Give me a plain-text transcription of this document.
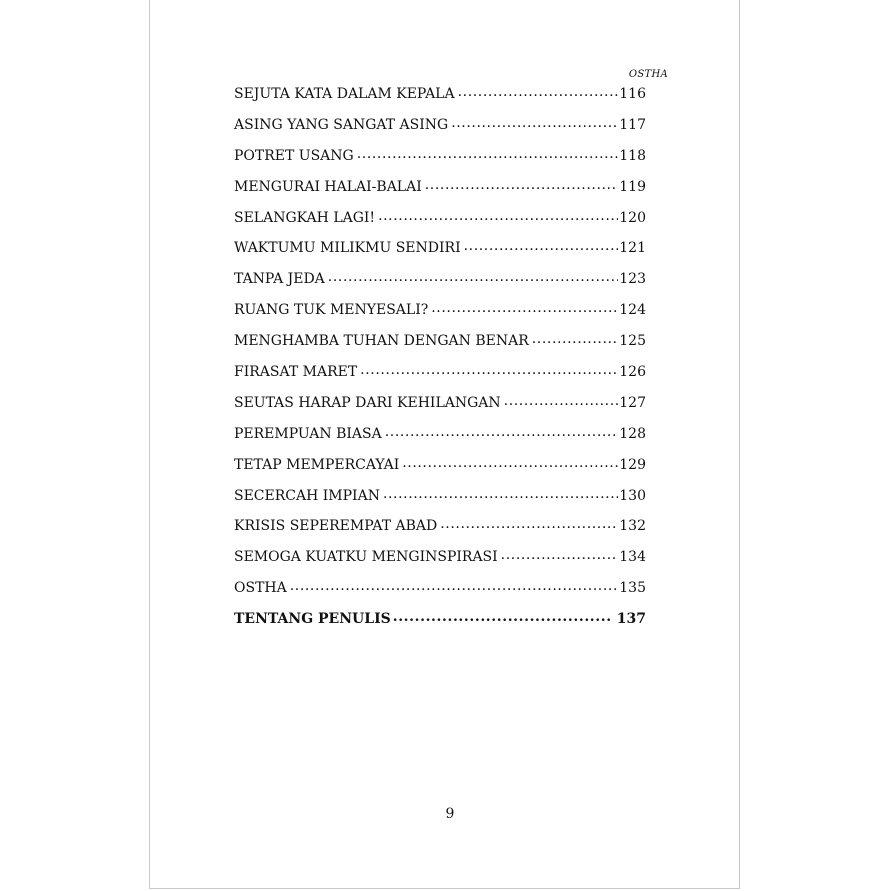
OSTHA
SEJUTA KATA DALAM KEPALA .....	116
ASING YANG SANGAT ASING .....	117
POTRET USANG .....	118
MENGURAI HALAI-BALAI .....	119
SELANGKAH LAGI! .....	120
WAKTUMU MILIKMU SENDIRI .....	121
TANPA JEDA .....	123
RUANG TUK MENYESALI? .....	124
MENGHAMBA TUHAN DENGAN BENAR .....	125
FIRASAT MARET .....	126
SEUTAS HARAP DARI KEHILANGAN .....	127
PEREMPUAN BIASA .....	128
TETAP MEMPERCAYAI .....	129
SECERCAH IMPIAN .....	130
KRISIS SEPEREMPAT ABAD .....	132
SEMOGA KUATKU MENGINSPIRASI .....	134
OSTHA .....	135
TENTANG PENULIS .....	137
9
